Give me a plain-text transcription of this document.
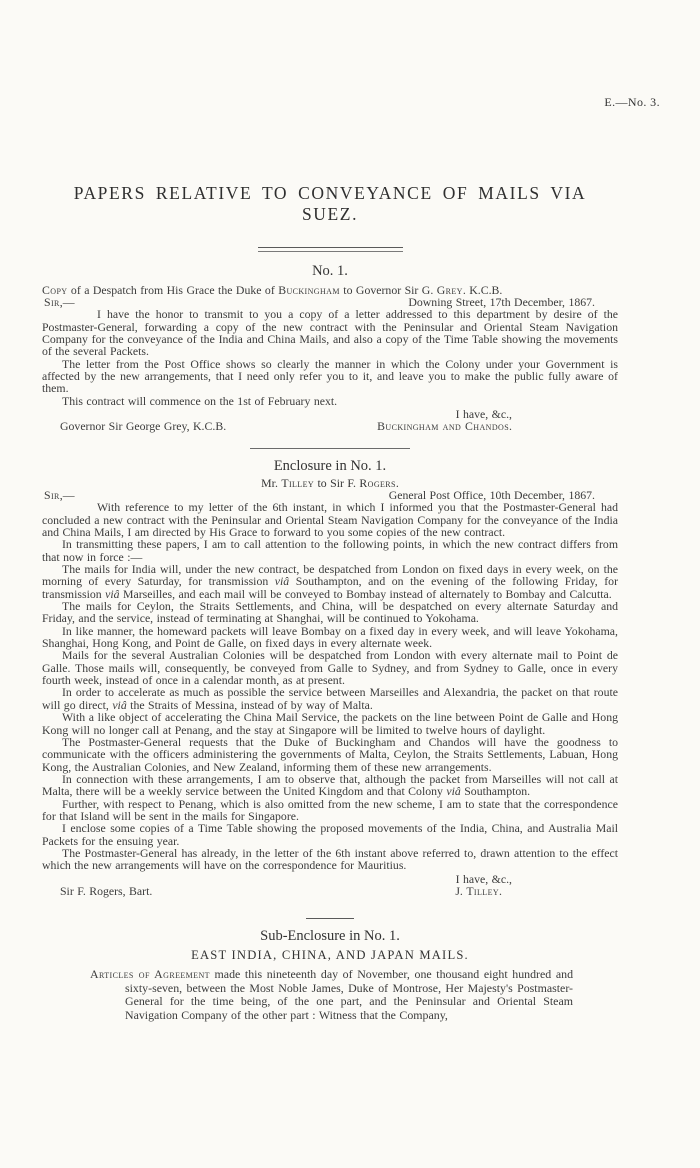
E.—No. 3.
PAPERS RELATIVE TO CONVEYANCE OF MAILS VIA SUEZ.
No. 1.
Copy of a Despatch from His Grace the Duke of Buckingham to Governor Sir G. Grey. K.C.B.
Sir,—	Downing Street, 17th December, 1867.

I have the honor to transmit to you a copy of a letter addressed to this department by desire of the Postmaster-General, forwarding a copy of the new contract with the Peninsular and Oriental Steam Navigation Company for the conveyance of the India and China Mails, and also a copy of the Time Table showing the movements of the several Packets.

The letter from the Post Office shows so clearly the manner in which the Colony under your Government is affected by the new arrangements, that I need only refer you to it, and leave you to make the public fully aware of them.

This contract will commence on the 1st of February next.

I have, &c.,
Governor Sir George Grey, K.C.B.	Buckingham and Chandos.
Enclosure in No. 1.
Mr. Tilley to Sir F. Rogers.
Sir,—	General Post Office, 10th December, 1867.

With reference to my letter of the 6th instant, in which I informed you that the Postmaster-General had concluded a new contract with the Peninsular and Oriental Steam Navigation Company for the conveyance of the India and China Mails, I am directed by His Grace to forward to you some copies of the new contract.

In transmitting these papers, I am to call attention to the following points, in which the new contract differs from that now in force :—

The mails for India will, under the new contract, be despatched from London on fixed days in every week, on the morning of every Saturday, for transmission viâ Southampton, and on the evening of the following Friday, for transmission viâ Marseilles, and each mail will be conveyed to Bombay instead of alternately to Bombay and Calcutta.

The mails for Ceylon, the Straits Settlements, and China, will be despatched on every alternate Saturday and Friday, and the service, instead of terminating at Shanghai, will be continued to Yokohama.

In like manner, the homeward packets will leave Bombay on a fixed day in every week, and will leave Yokohama, Shanghai, Hong Kong, and Point de Galle, on fixed days in every alternate week.

Mails for the several Australian Colonies will be despatched from London with every alternate mail to Point de Galle. Those mails will, consequently, be conveyed from Galle to Sydney, and from Sydney to Galle, once in every fourth week, instead of once in a calendar month, as at present.

In order to accelerate as much as possible the service between Marseilles and Alexandria, the packet on that route will go direct, viâ the Straits of Messina, instead of by way of Malta.

With a like object of accelerating the China Mail Service, the packets on the line between Point de Galle and Hong Kong will no longer call at Penang, and the stay at Singapore will be limited to twelve hours of daylight.

The Postmaster-General requests that the Duke of Buckingham and Chandos will have the goodness to communicate with the officers administering the governments of Malta, Ceylon, the Straits Settlements, Labuan, Hong Kong, the Australian Colonies, and New Zealand, informing them of these new arrangements.

In connection with these arrangements, I am to observe that, although the packet from Marseilles will not call at Malta, there will be a weekly service between the United Kingdom and that Colony viâ Southampton.

Further, with respect to Penang, which is also omitted from the new scheme, I am to state that the correspondence for that Island will be sent in the mails for Singapore.

I enclose some copies of a Time Table showing the proposed movements of the India, China, and Australia Mail Packets for the ensuing year.

The Postmaster-General has already, in the letter of the 6th instant above referred to, drawn attention to the effect which the new arrangements will have on the correspondence for Mauritius.

I have, &c.,
Sir F. Rogers, Bart.	J. Tilley.
Sub-Enclosure in No. 1.
EAST INDIA, CHINA, AND JAPAN MAILS.

Articles of Agreement made this nineteenth day of November, one thousand eight hundred and sixty-seven, between the Most Noble James, Duke of Montrose, Her Majesty's Postmaster-General for the time being, of the one part, and the Peninsular and Oriental Steam Navigation Company of the other part : Witness that the Company,
